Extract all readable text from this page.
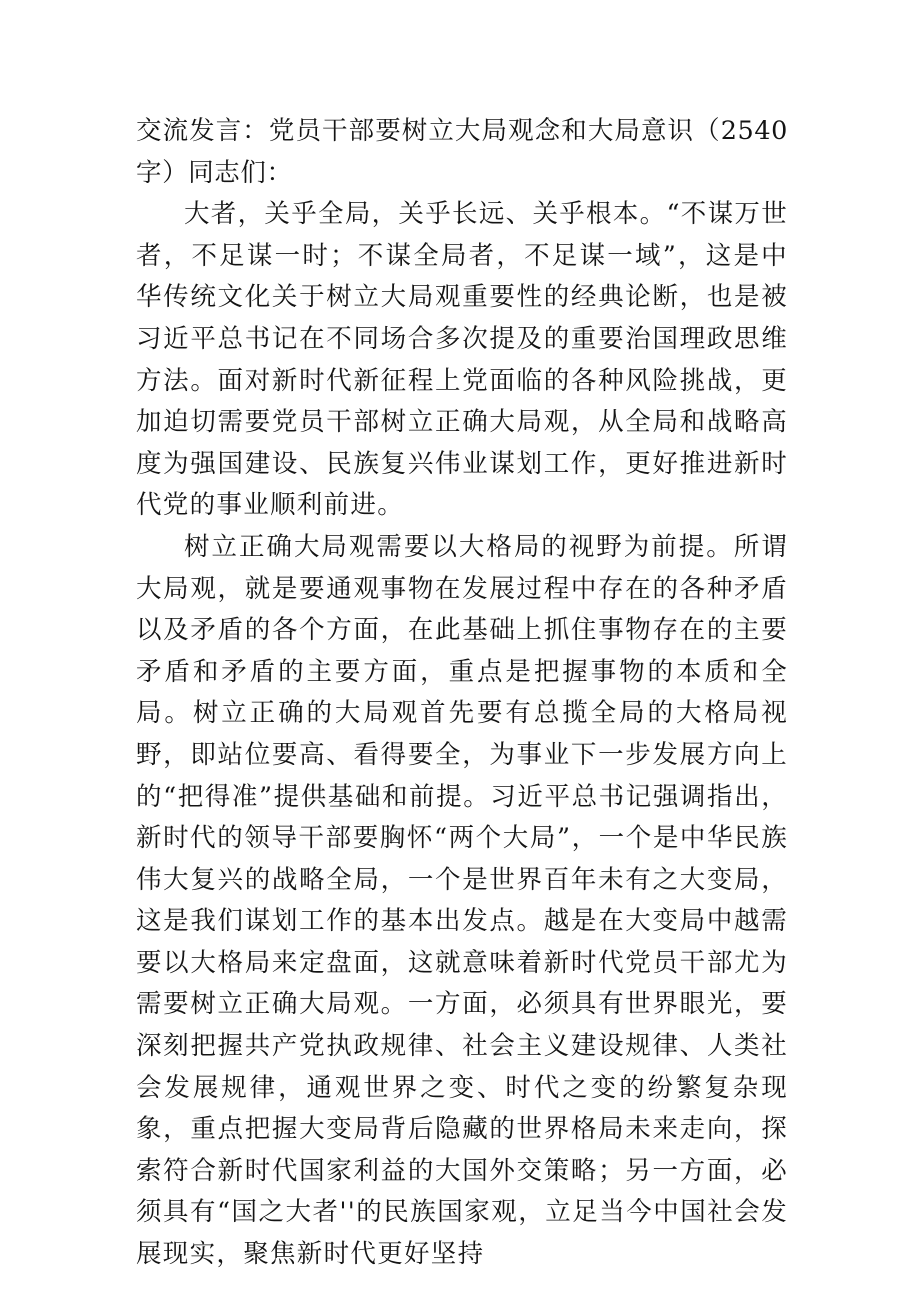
交流发言：党员干部要树立大局观念和大局意识（2540字）同志们：

大者，关乎全局，关乎长远、关乎根本。“不谋万世者，不足谋一时；不谋全局者，不足谋一域”，这是中华传统文化关于树立大局观重要性的经典论断，也是被习近平总书记在不同场合多次提及的重要治国理政思维方法。面对新时代新征程上党面临的各种风险挑战，更加迫切需要党员干部树立正确大局观，从全局和战略高度为强国建设、民族复兴伟业谋划工作，更好推进新时代党的事业顺利前进。

树立正确大局观需要以大格局的视野为前提。所谓大局观，就是要通观事物在发展过程中存在的各种矛盾以及矛盾的各个方面，在此基础上抓住事物存在的主要矛盾和矛盾的主要方面，重点是把握事物的本质和全局。树立正确的大局观首先要有总揽全局的大格局视野，即站位要高、看得要全，为事业下一步发展方向上的“把得准”提供基础和前提。习近平总书记强调指出，新时代的领导干部要胸怀“两个大局”，一个是中华民族伟大复兴的战略全局，一个是世界百年未有之大变局，这是我们谋划工作的基本出发点。越是在大变局中越需要以大格局来定盘面，这就意味着新时代党员干部尤为需要树立正确大局观。一方面，必须具有世界眼光，要深刻把握共产党执政规律、社会主义建设规律、人类社会发展规律，通观世界之变、时代之变的纷繁复杂现象，重点把握大变局背后隐藏的世界格局未来走向，探索符合新时代国家利益的大国外交策略；另一方面，必须具有“国之大者''的民族国家观，立足当今中国社会发展现实，聚焦新时代更好坚持
